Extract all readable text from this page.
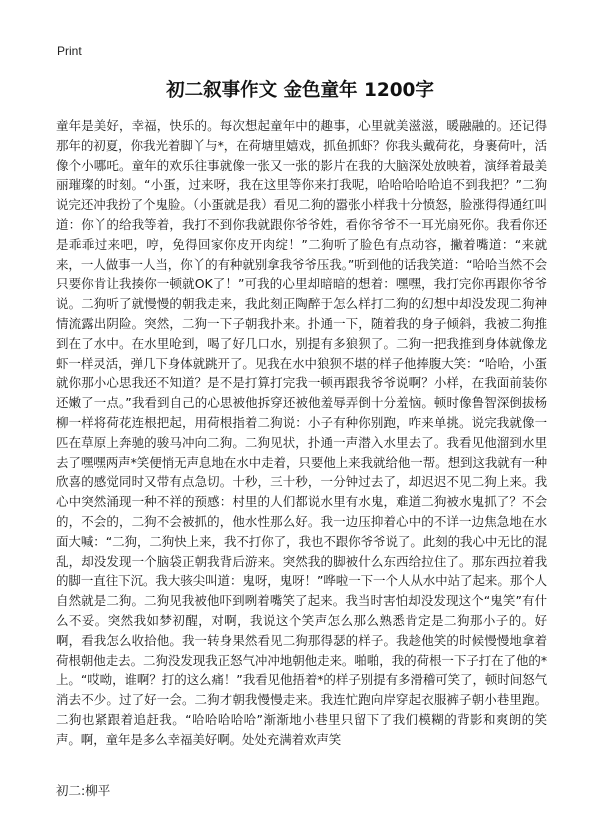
Print
初二叙事作文 金色童年 1200字

童年是美好，幸福，快乐的。每次想起童年中的趣事，心里就美滋滋，暖融融的。还记得那年的初夏，你我光着脚丫与*，在荷塘里嬉戏，抓鱼抓虾？你我头戴荷花，身裹荷叶，活像个小哪吒。童年的欢乐往事就像一张又一张的影片在我的大脑深处放映着，演绎着最美丽璀璨的时刻。“小蛋，过来呀，我在这里等你来打我呢，哈哈哈哈哈追不到我把？”二狗说完还冲我扮了个鬼脸。（小蛋就是我）看见二狗的嚣张小样我十分愤怒，脸涨得得通红叫道：你丫的给我等着，我打不到你我就跟你爷爷姓，看你爷爷不一耳光扇死你。我看你还是乖乖过来吧，哼，免得回家你皮开肉绽！”二狗听了脸色有点动容，撇着嘴道：“来就来，一人做事一人当，你丫的有种就别拿我爷爷压我。”听到他的话我笑道：“哈哈当然不会只要你肯让我揍你一顿就OK了！”可我的心里却暗暗的想着：嘿嘿，我打完你再跟你爷爷说。二狗听了就慢慢的朝我走来，我此刻正陶醉于怎么样打二狗的幻想中却没发现二狗神情流露出阴险。突然，二狗一下子朝我扑来。扑通一下，随着我的身子倾斜，我被二狗推到在了水中。在水里呛到，喝了好几口水，别提有多狼狈了。二狗一把我推到身体就像龙虾一样灵活，弹几下身体就跳开了。见我在水中狼狈不堪的样子他捧腹大笑：“哈哈，小蛋就你那小心思我还不知道？是不是打算打完我一顿再跟我爷爷说啊？小样，在我面前装你还嫩了一点。”我看到自己的心思被他拆穿还被他羞辱弄倒十分羞恼。顿时像鲁智深倒拔杨柳一样将荷花连根把起，用荷根指着二狗说：小子有种你别跑，咋来单挑。说完我就像一匹在草原上奔驰的骏马冲向二狗。二狗见状，扑通一声潜入水里去了。我看见他溜到水里去了嘿嘿两声*笑便悄无声息地在水中走着，只要他上来我就给他一帮。想到这我就有一种欣喜的感觉同时又带有点急切。十秒，三十秒，一分钟过去了，却迟迟不见二狗上来。我心中突然涌现一种不祥的预感：村里的人们都说水里有水鬼，难道二狗被水鬼抓了？不会的，不会的，二狗不会被抓的，他水性那么好。我一边压抑着心中的不详一边焦急地在水面大喊：“二狗，二狗快上来，我不打你了，我也不跟你爷爷说了。此刻的我心中无比的混乱，却没发现一个脑袋正朝我背后游来。突然我的脚被什么东西给拉住了。那东西拉着我的脚一直往下沉。我大骇尖叫道：鬼呀，鬼呀！”哗啦一下一个人从水中站了起来。那个人自然就是二狗。二狗见我被他吓到咧着嘴笑了起来。我当时害怕却没发现这个“鬼笑”有什么不妥。突然我如梦初醒，对啊，我说这个笑声怎么那么熟悉肯定是二狗那小子的。好啊，看我怎么收拾他。我一转身果然看见二狗那得瑟的样子。我趁他笑的时候慢慢地拿着荷根朝他走去。二狗没发现我正怒气冲冲地朝他走来。啪啪，我的荷根一下子打在了他的*上。“哎呦，谁啊？打的这么痛！”我看见他捂着*的样子别提有多滑稽可笑了，顿时间怒气消去不少。过了好一会。二狗才朝我慢慢走来。我连忙跑向岸穿起衣服裤子朝小巷里跑。二狗也紧跟着追赶我。“哈哈哈哈哈”渐渐地小巷里只留下了我们模糊的背影和爽朗的笑声。啊，童年是多么幸福美好啊。处处充满着欢声笑

初二:柳平
